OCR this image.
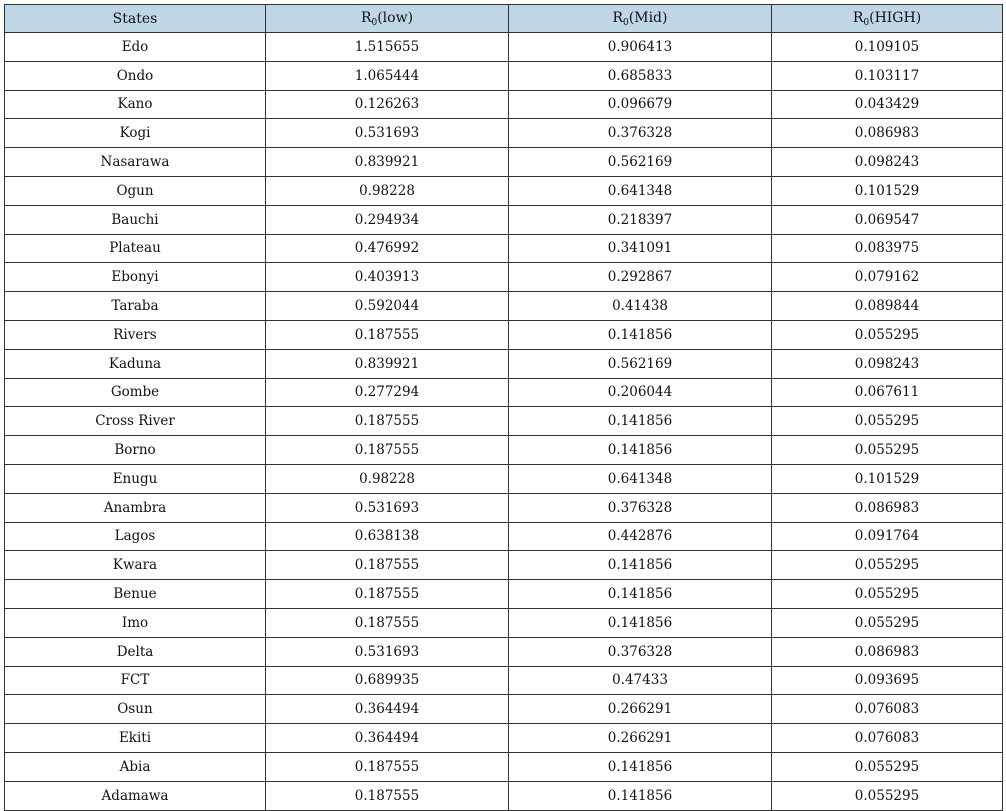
States	$R_0(low)$	$R_0(Mid)$	$R_0(HIGH)$
Edo	1.515655	0.906413	0.109105
Ondo	1.065444	0.685833	0.103117
Kano	0.126263	0.096679	0.043429
Kogi	0.531693	0.376328	0.086983
Nasarawa	0.839921	0.562169	0.098243
Ogun	0.98228	0.641348	0.101529
Bauchi	0.294934	0.218397	0.069547
Plateau	0.476992	0.341091	0.083975
Ebonyi	0.403913	0.292867	0.079162
Taraba	0.592044	0.41438	0.089844
Rivers	0.187555	0.141856	0.055295
Kaduna	0.839921	0.562169	0.098243
Gombe	0.277294	0.206044	0.067611
Cross River	0.187555	0.141856	0.055295
Borno	0.187555	0.141856	0.055295
Enugu	0.98228	0.641348	0.101529
Anambra	0.531693	0.376328	0.086983
Lagos	0.638138	0.442876	0.091764
Kwara	0.187555	0.141856	0.055295
Benue	0.187555	0.141856	0.055295
Imo	0.187555	0.141856	0.055295
Delta	0.531693	0.376328	0.086983
FCT	0.689935	0.47433	0.093695
Osun	0.364494	0.266291	0.076083
Ekiti	0.364494	0.266291	0.076083
Abia	0.187555	0.141856	0.055295
Adamawa	0.187555	0.141856	0.055295
